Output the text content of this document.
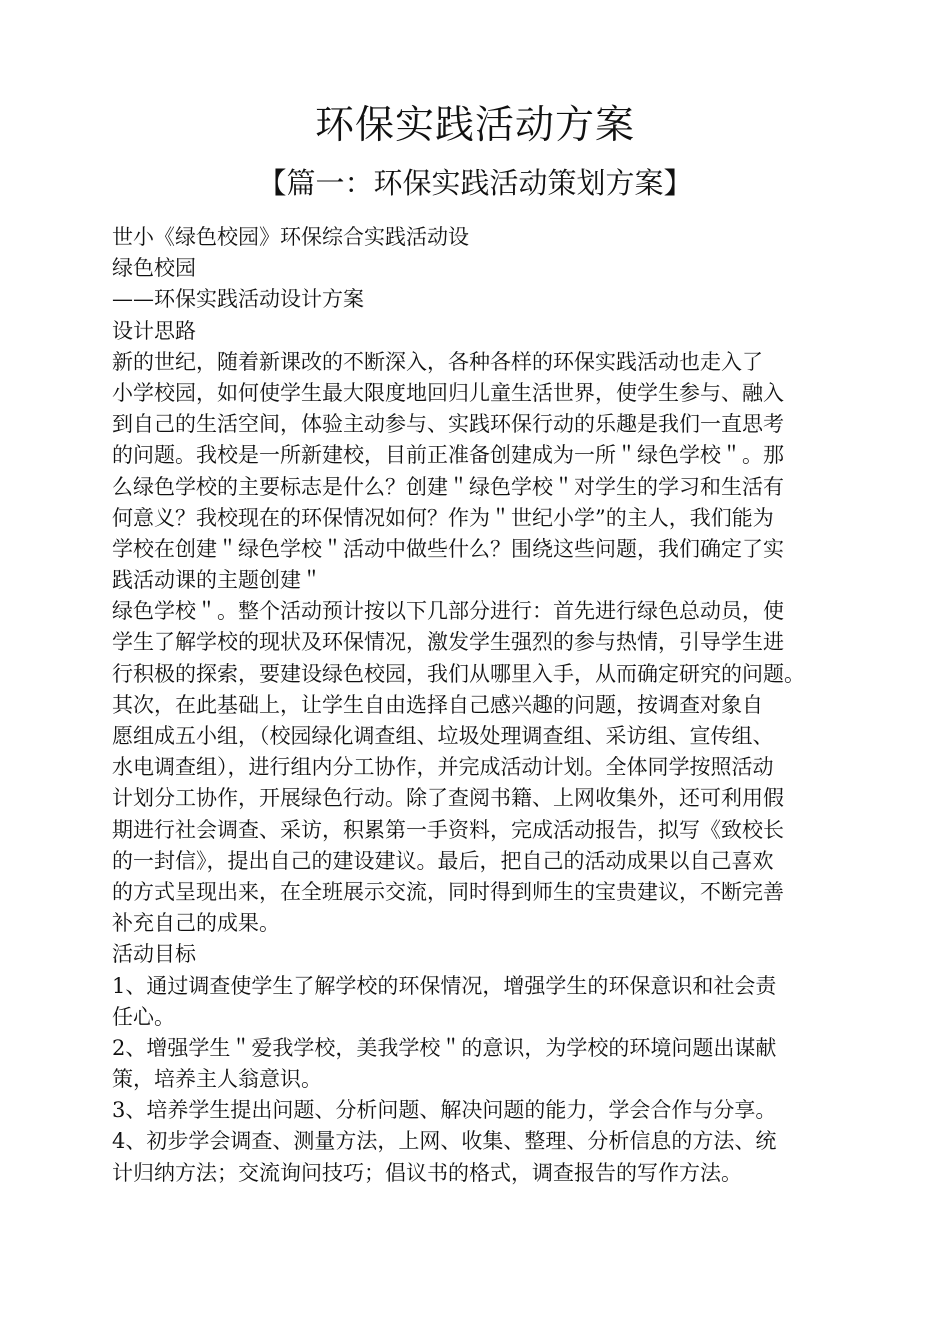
环保实践活动方案
【篇一：环保实践活动策划方案】
世小《绿色校园》环保综合实践活动设
绿色校园
——环保实践活动设计方案
设计思路
新的世纪，随着新课改的不断深入，各种各样的环保实践活动也走入了
小学校园，如何使学生最大限度地回归儿童生活世界，使学生参与、融入
到自己的生活空间，体验主动参与、实践环保行动的乐趣是我们一直思考
的问题。我校是一所新建校，目前正准备创建成为一所＂绿色学校＂。那
么绿色学校的主要标志是什么？创建＂绿色学校＂对学生的学习和生活有
何意义？我校现在的环保情况如何？作为＂世纪小学”的主人，我们能为
学校在创建＂绿色学校＂活动中做些什么？围绕这些问题，我们确定了实
践活动课的主题创建＂
绿色学校＂。整个活动预计按以下几部分进行：首先进行绿色总动员，使
学生了解学校的现状及环保情况，激发学生强烈的参与热情，引导学生进
行积极的探索，要建设绿色校园，我们从哪里入手，从而确定研究的问题。
其次，在此基础上，让学生自由选择自己感兴趣的问题，按调查对象自
愿组成五小组，（校园绿化调查组、垃圾处理调查组、采访组、宣传组、
水电调查组），进行组内分工协作，并完成活动计划。全体同学按照活动
计划分工协作，开展绿色行动。除了查阅书籍、上网收集外，还可利用假
期进行社会调查、采访，积累第一手资料，完成活动报告，拟写《致校长
的一封信》，提出自己的建设建议。最后，把自己的活动成果以自己喜欢
的方式呈现出来，在全班展示交流，同时得到师生的宝贵建议，不断完善
补充自己的成果。
活动目标
1、通过调查使学生了解学校的环保情况，增强学生的环保意识和社会责
任心。
2、增强学生＂爱我学校，美我学校＂的意识，为学校的环境问题出谋献
策，培养主人翁意识。
3、培养学生提出问题、分析问题、解决问题的能力，学会合作与分享。
4、初步学会调查、测量方法，上网、收集、整理、分析信息的方法、统
计归纳方法；交流询问技巧；倡议书的格式，调查报告的写作方法。
